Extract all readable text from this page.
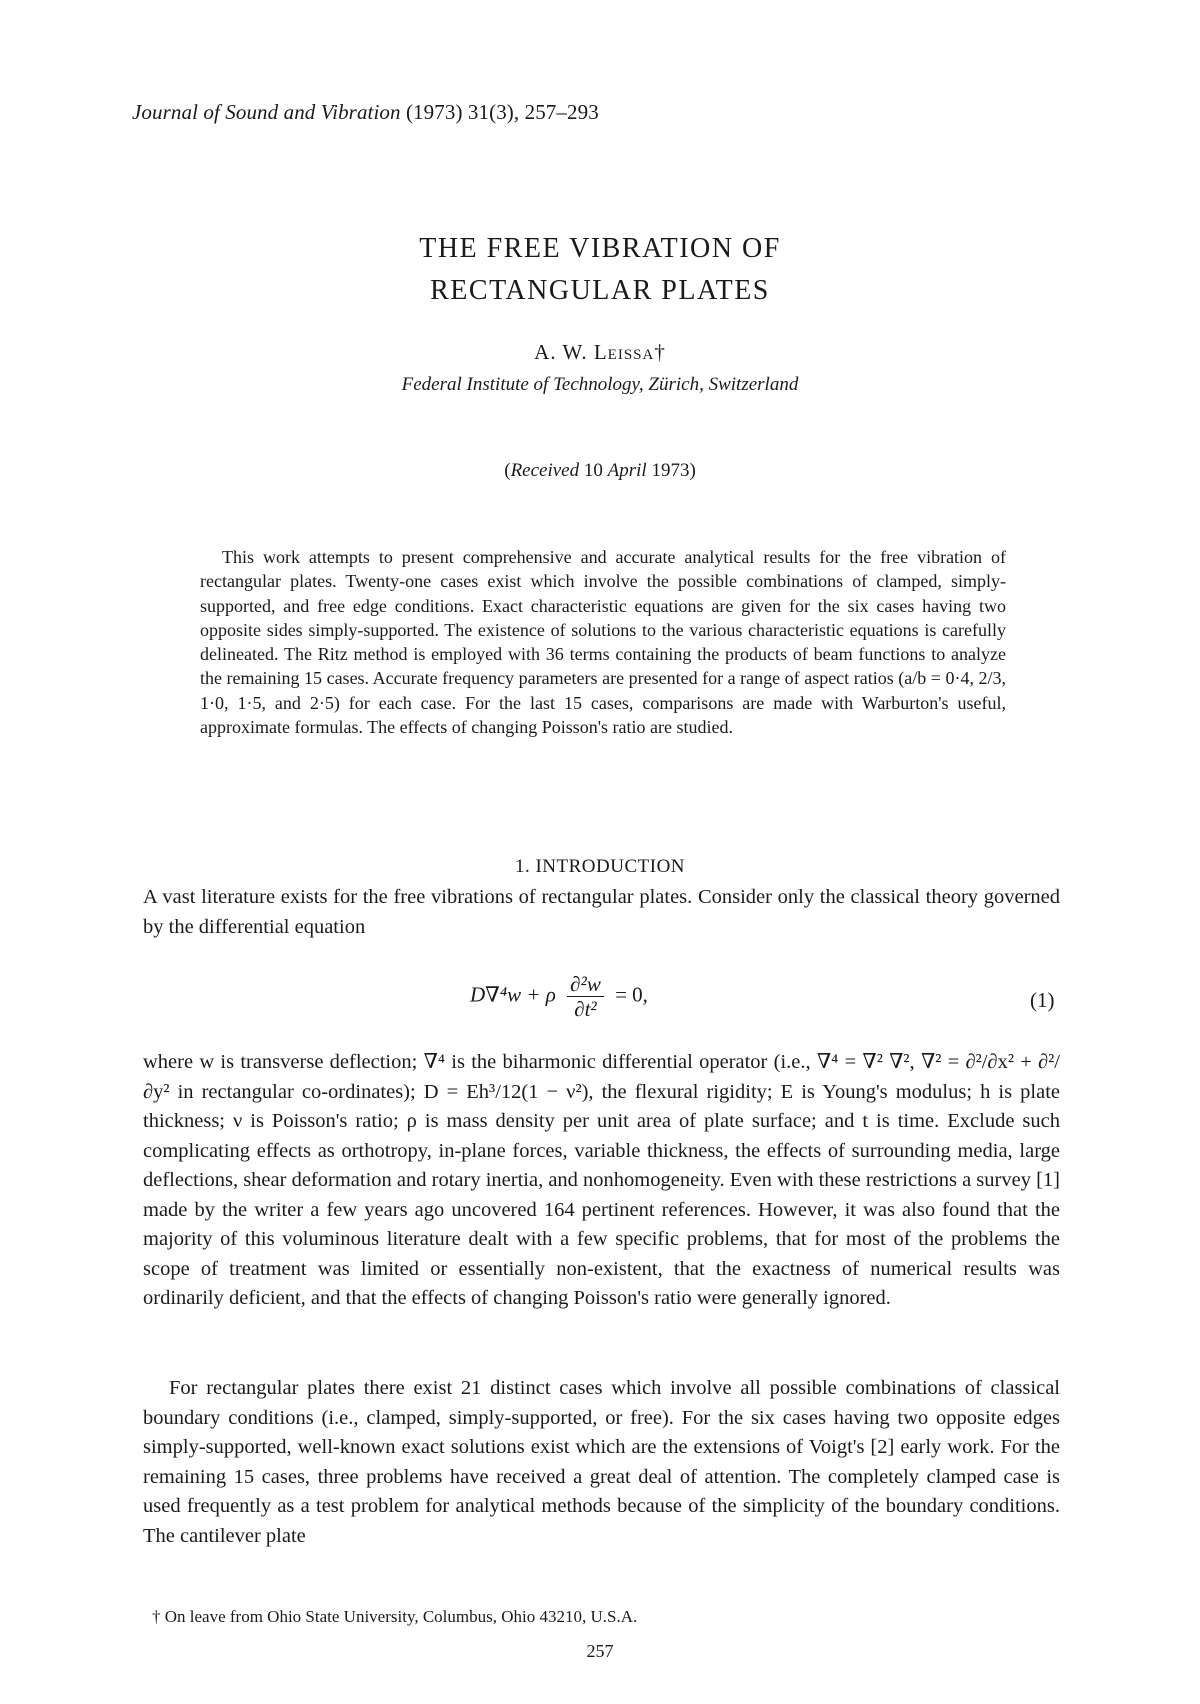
Journal of Sound and Vibration (1973) 31(3), 257–293
THE FREE VIBRATION OF
RECTANGULAR PLATES
A. W. Leissa†
Federal Institute of Technology, Zürich, Switzerland
(Received 10 April 1973)
This work attempts to present comprehensive and accurate analytical results for the free vibration of rectangular plates. Twenty-one cases exist which involve the possible combinations of clamped, simply-supported, and free edge conditions. Exact characteristic equations are given for the six cases having two opposite sides simply-supported. The existence of solutions to the various characteristic equations is carefully delineated. The Ritz method is employed with 36 terms containing the products of beam functions to analyze the remaining 15 cases. Accurate frequency parameters are presented for a range of aspect ratios (a/b = 0·4, 2/3, 1·0, 1·5, and 2·5) for each case. For the last 15 cases, comparisons are made with Warburton's useful, approximate formulas. The effects of changing Poisson's ratio are studied.
1. INTRODUCTION
A vast literature exists for the free vibrations of rectangular plates. Consider only the classical theory governed by the differential equation
D∇⁴w + ρ $\frac{\text{∂²w}}{\text{∂t²}} = 0$,	(1)
where w is transverse deflection; ∇⁴ is the biharmonic differential operator (i.e., ∇⁴ = ∇² ∇², ∇² = ∂²/∂x² + ∂²/∂y² in rectangular co-ordinates); D = Eh³/12(1 − ν²), the flexural rigidity; E is Young's modulus; h is plate thickness; ν is Poisson's ratio; ρ is mass density per unit area of plate surface; and t is time. Exclude such complicating effects as orthotropy, in-plane forces, variable thickness, the effects of surrounding media, large deflections, shear deformation and rotary inertia, and nonhomogeneity. Even with these restrictions a survey [1] made by the writer a few years ago uncovered 164 pertinent references. However, it was also found that the majority of this voluminous literature dealt with a few specific problems, that for most of the problems the scope of treatment was limited or essentially non-existent, that the exactness of numerical results was ordinarily deficient, and that the effects of changing Poisson's ratio were generally ignored.
For rectangular plates there exist 21 distinct cases which involve all possible combinations of classical boundary conditions (i.e., clamped, simply-supported, or free). For the six cases having two opposite edges simply-supported, well-known exact solutions exist which are the extensions of Voigt's [2] early work. For the remaining 15 cases, three problems have received a great deal of attention. The completely clamped case is used frequently as a test problem for analytical methods because of the simplicity of the boundary conditions. The cantilever plate
† On leave from Ohio State University, Columbus, Ohio 43210, U.S.A.
257
